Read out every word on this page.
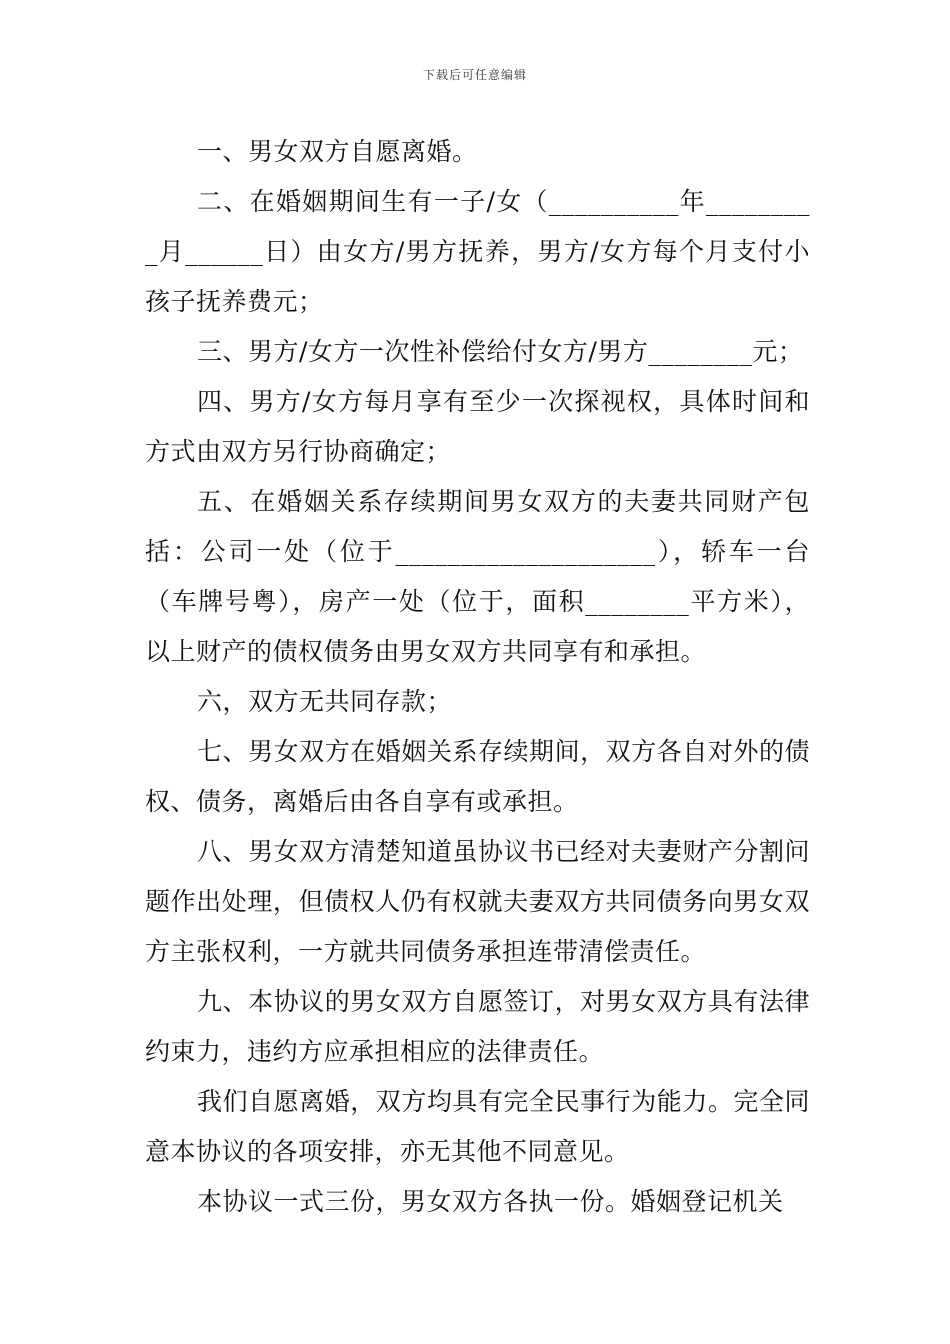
下载后可任意编辑

一、男女双方自愿离婚。

二、在婚姻期间生有一子/女（__________年________ _月______日）由女方/男方抚养，男方/女方每个月支付小孩子抚养费元；

三、男方/女方一次性补偿给付女方/男方________元；

四、男方/女方每月享有至少一次探视权，具体时间和方式由双方另行协商确定；

五、在婚姻关系存续期间男女双方的夫妻共同财产包括：公司一处（位于____________________），轿车一台（车牌号粤），房产一处（位于，面积________平方米），以上财产的债权债务由男女双方共同享有和承担。

六，双方无共同存款；

七、男女双方在婚姻关系存续期间，双方各自对外的债权、债务，离婚后由各自享有或承担。

八、男女双方清楚知道虽协议书已经对夫妻财产分割问题作出处理，但债权人仍有权就夫妻双方共同债务向男女双方主张权利，一方就共同债务承担连带清偿责任。

九、本协议的男女双方自愿签订，对男女双方具有法律约束力，违约方应承担相应的法律责任。

我们自愿离婚，双方均具有完全民事行为能力。完全同意本协议的各项安排，亦无其他不同意见。

本协议一式三份，男女双方各执一份。婚姻登记机关
